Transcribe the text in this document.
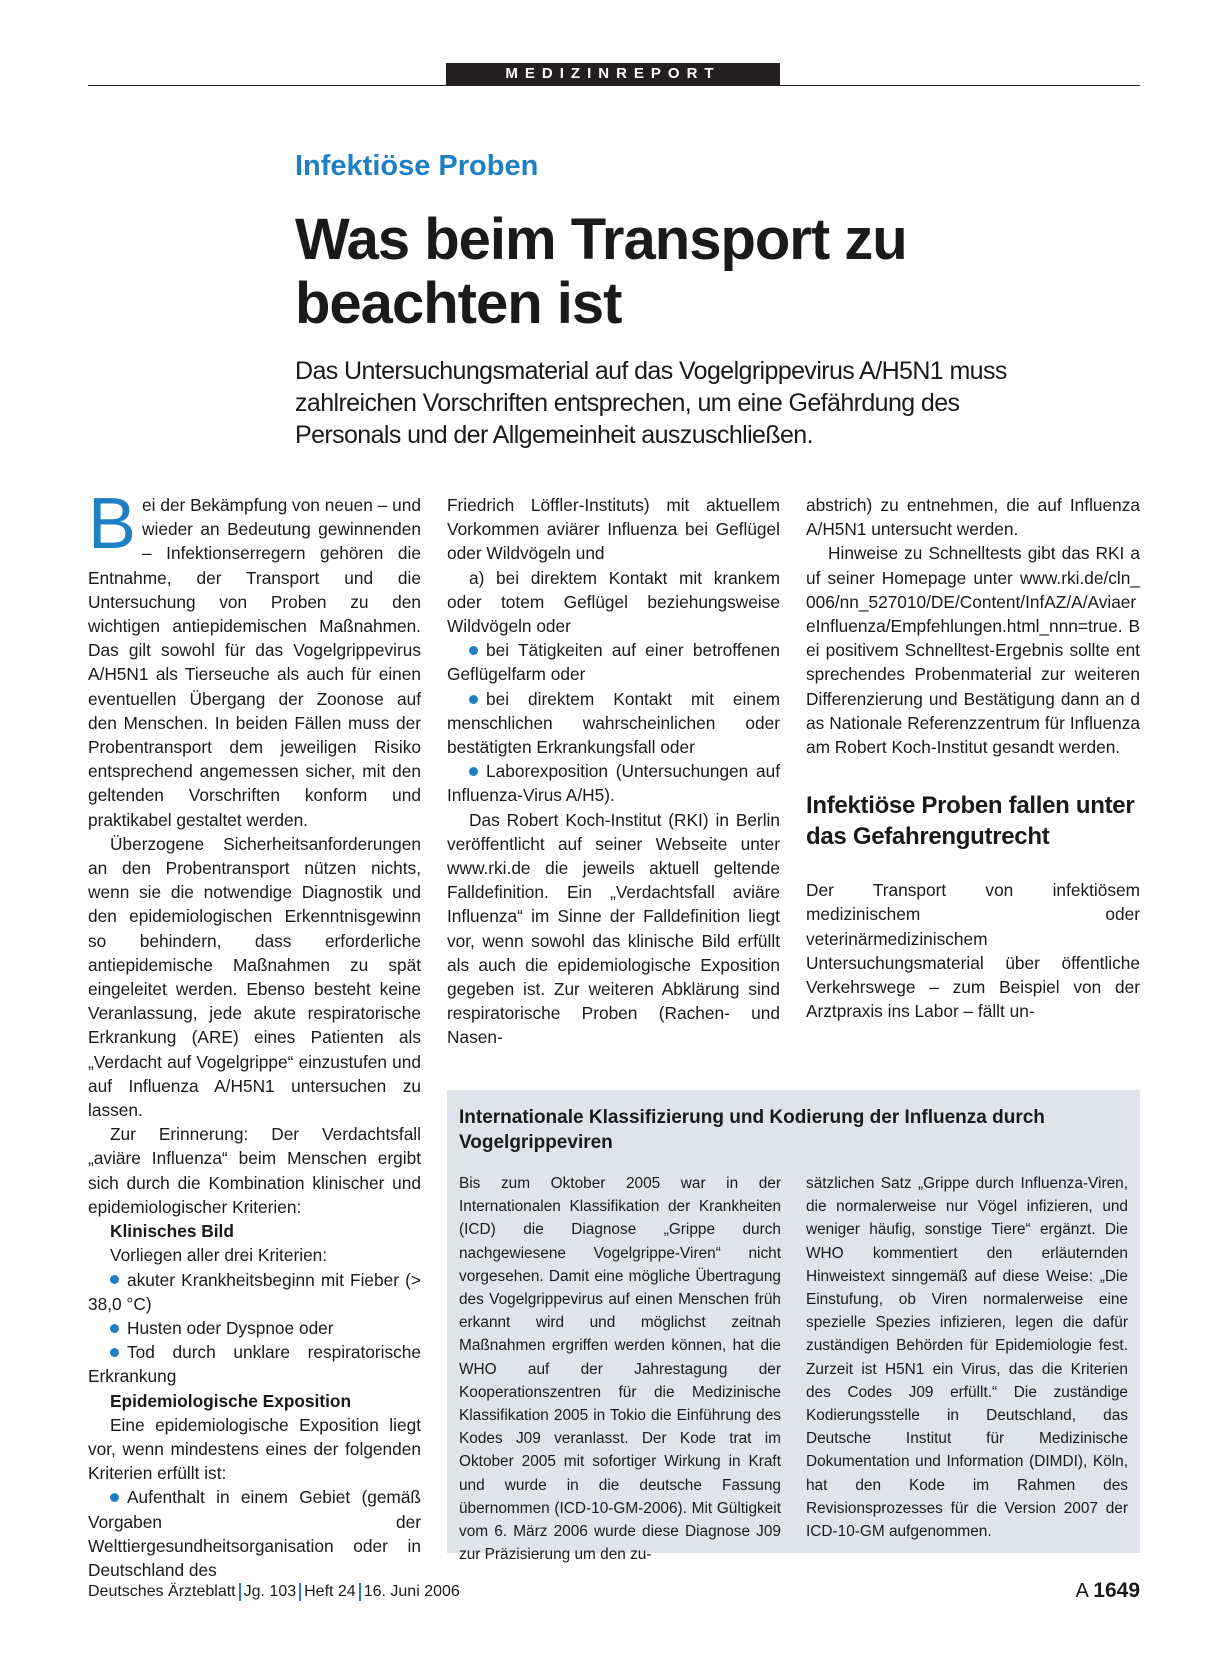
MEDIZINREPORT
Infektiöse Proben
Was beim Transport zu beachten ist
Das Untersuchungsmaterial auf das Vogelgrippevirus A/H5N1 muss zahlreichen Vorschriften entsprechen, um eine Gefährdung des Personals und der Allgemeinheit auszuschließen.

Bei der Bekämpfung von neuen – und wieder an Bedeutung gewinnenden – Infektionserregern gehören die Entnahme, der Transport und die Untersuchung von Proben zu den wichtigen antiepidemischen Maßnahmen. Das gilt sowohl für das Vogelgrippevirus A/H5N1 als Tierseuche als auch für einen eventuellen Übergang der Zoonose auf den Menschen. In beiden Fällen muss der Probentransport dem jeweiligen Risiko entsprechend angemessen sicher, mit den geltenden Vorschriften konform und praktikabel gestaltet werden.

Überzogene Sicherheitsanforderungen an den Probentransport nützen nichts, wenn sie die notwendige Diagnostik und den epidemiologischen Erkenntnisgewinn so behindern, dass erforderliche antiepidemische Maßnahmen zu spät eingeleitet werden. Ebenso besteht keine Veranlassung, jede akute respiratorische Erkrankung (ARE) eines Patienten als „Verdacht auf Vogelgrippe“ einzustufen und auf Influenza A/H5N1 untersuchen zu lassen.

Zur Erinnerung: Der Verdachtsfall „aviäre Influenza“ beim Menschen ergibt sich durch die Kombination klinischer und epidemiologischer Kriterien:

Klinisches Bild

Vorliegen aller drei Kriterien:

akuter Krankheitsbeginn mit Fieber (> 38,0 °C)

Husten oder Dyspnoe oder

Tod durch unklare respiratorische Erkrankung

Epidemiologische Exposition

Eine epidemiologische Exposition liegt vor, wenn mindestens eines der folgenden Kriterien erfüllt ist:

Aufenthalt in einem Gebiet (gemäß Vorgaben der Welttiergesundheitsorganisation oder in Deutschland des

Friedrich Löffler-Instituts) mit aktuellem Vorkommen aviärer Influenza bei Geflügel oder Wildvögeln und

a) bei direktem Kontakt mit krankem oder totem Geflügel beziehungsweise Wildvögeln oder

bei Tätigkeiten auf einer betroffenen Geflügelfarm oder

bei direktem Kontakt mit einem menschlichen wahrscheinlichen oder bestätigten Erkrankungsfall oder

Laborexposition (Untersuchungen auf Influenza-Virus A/H5).

Das Robert Koch-Institut (RKI) in Berlin veröffentlicht auf seiner Webseite unter www.rki.de die jeweils aktuell geltende Falldefinition. Ein „Verdachtsfall aviäre Influenza“ im Sinne der Falldefinition liegt vor, wenn sowohl das klinische Bild erfüllt als auch die epidemiologische Exposition gegeben ist. Zur weiteren Abklärung sind respiratorische Proben (Rachen- und Nasen-

abstrich) zu entnehmen, die auf Influenza A/H5N1 untersucht werden.

Hinweise zu Schnelltests gibt das RKI auf seiner Homepage unter www.rki.de/cln_006/nn_527010/DE/Content/InfAZ/A/AviaereInfluenza/Empfehlungen.html_nnn=true. Bei positivem Schnelltest-Ergebnis sollte entsprechendes Probenmaterial zur weiteren Differenzierung und Bestätigung dann an das Nationale Referenzzentrum für Influenza am Robert Koch-Institut gesandt werden.

Infektiöse Proben fallen unter das Gefahrengutrecht

Der Transport von infektiösem medizinischem oder veterinärmedizinischem Untersuchungsmaterial über öffentliche Verkehrswege – zum Beispiel von der Arztpraxis ins Labor – fällt un-

Internationale Klassifizierung und Kodierung der Influenza durch Vogelgrippeviren

Bis zum Oktober 2005 war in der Internationalen Klassifikation der Krankheiten (ICD) die Diagnose „Grippe durch nachgewiesene Vogelgrippe-Viren“ nicht vorgesehen. Damit eine mögliche Übertragung des Vogelgrippevirus auf einen Menschen früh erkannt wird und möglichst zeitnah Maßnahmen ergriffen werden können, hat die WHO auf der Jahrestagung der Kooperationszentren für die Medizinische Klassifikation 2005 in Tokio die Einführung des Kodes J09 veranlasst. Der Kode trat im Oktober 2005 mit sofortiger Wirkung in Kraft und wurde in die deutsche Fassung übernommen (ICD-10-GM-2006). Mit Gültigkeit vom 6. März 2006 wurde diese Diagnose J09 zur Präzisierung um den zu-

sätzlichen Satz „Grippe durch Influenza-Viren, die normalerweise nur Vögel infizieren, und weniger häufig, sonstige Tiere“ ergänzt. Die WHO kommentiert den erläuternden Hinweistext sinngemäß auf diese Weise: „Die Einstufung, ob Viren normalerweise eine spezielle Spezies infizieren, legen die dafür zuständigen Behörden für Epidemiologie fest. Zurzeit ist H5N1 ein Virus, das die Kriterien des Codes J09 erfüllt.“ Die zuständige Kodierungsstelle in Deutschland, das Deutsche Institut für Medizinische Dokumentation und Information (DIMDI), Köln, hat den Kode im Rahmen des Revisionsprozesses für die Version 2007 der ICD-10-GM aufgenommen.

Deutsches Ärzteblatt Jg. 103 Heft 24 16. Juni 2006	A 1649
